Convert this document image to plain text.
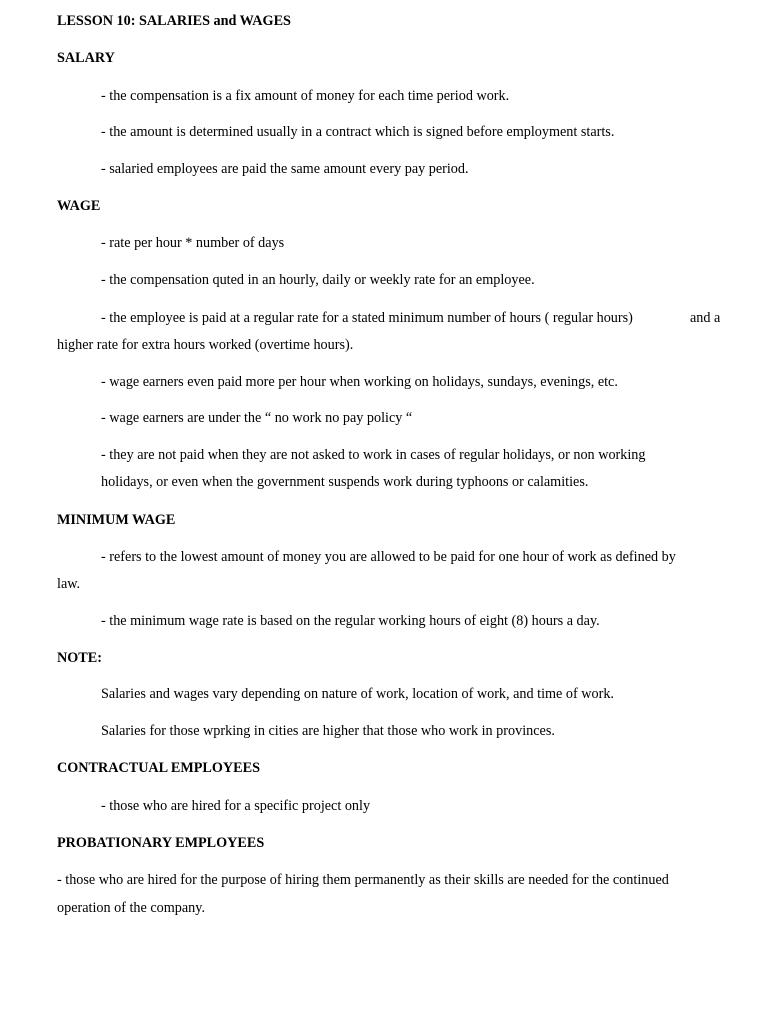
LESSON 10: SALARIES and WAGES
SALARY
- the compensation is a fix amount of money for each time period work.
- the amount is determined usually in a contract which is signed before employment starts.
- salaried employees are paid the same amount every pay period.
WAGE
- rate per hour * number of days
- the compensation quted in an hourly, daily or weekly rate for an employee.
- the employee is paid at a regular rate for a stated minimum number of hours ( regular hours)	and a
higher rate for extra hours worked (overtime hours).
- wage earners even paid more per hour when working on holidays, sundays, evenings, etc.
- wage earners are under the “ no work no pay policy “
- they are not paid when they are not asked to work in cases of regular holidays, or non working
holidays, or even when the government suspends work during typhoons or calamities.
MINIMUM WAGE
- refers to the lowest amount of money you are allowed to be paid for one hour of work as defined by
law.
- the minimum wage rate is based on the regular working hours of eight (8) hours a day.
NOTE:
Salaries and wages vary depending on nature of work, location of work, and time of work.
Salaries for those wprking in cities are higher that those who work in provinces.
CONTRACTUAL EMPLOYEES
- those who are hired for a specific project only
PROBATIONARY EMPLOYEES
- those who are hired for the purpose of hiring them permanently as their skills are needed for the continued
operation of the company.
